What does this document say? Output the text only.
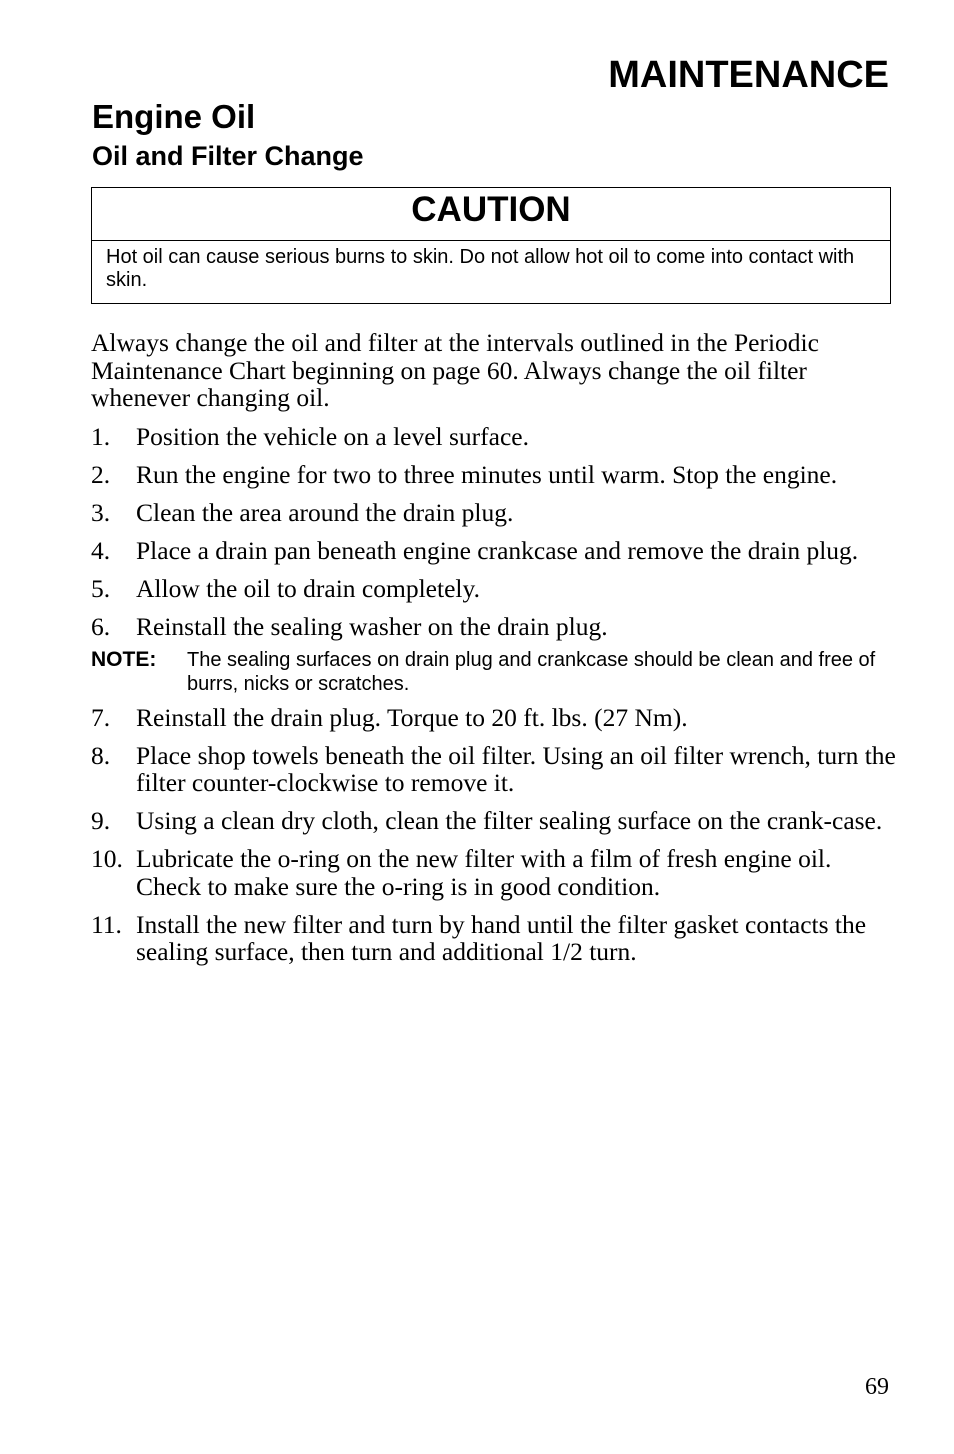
MAINTENANCE
Engine Oil
Oil and Filter Change
CAUTION
Hot oil can cause serious burns to skin. Do not allow hot oil to come into contact with skin.

Always change the oil and filter at the intervals outlined in the Periodic Maintenance Chart beginning on page 60. Always change the oil filter whenever changing oil.

1.	Position the vehicle on a level surface.
2.	Run the engine for two to three minutes until warm. Stop the engine.
3.	Clean the area around the drain plug.
4.	Place a drain pan beneath engine crankcase and remove the drain plug.
5.	Allow the oil to drain completely.
6.	Reinstall the sealing washer on the drain plug.
NOTE:	The sealing surfaces on drain plug and crankcase should be clean and free of burrs, nicks or scratches.
7.	Reinstall the drain plug. Torque to 20 ft. lbs. (27 Nm).
8.	Place shop towels beneath the oil filter. Using an oil filter wrench, turn the filter counter-clockwise to remove it.
9.	Using a clean dry cloth, clean the filter sealing surface on the crank-case.
10. Lubricate the o-ring on the new filter with a film of fresh engine oil. Check to make sure the o-ring is in good condition.
11. Install the new filter and turn by hand until the filter gasket contacts the sealing surface, then turn and additional 1/2 turn.
69
